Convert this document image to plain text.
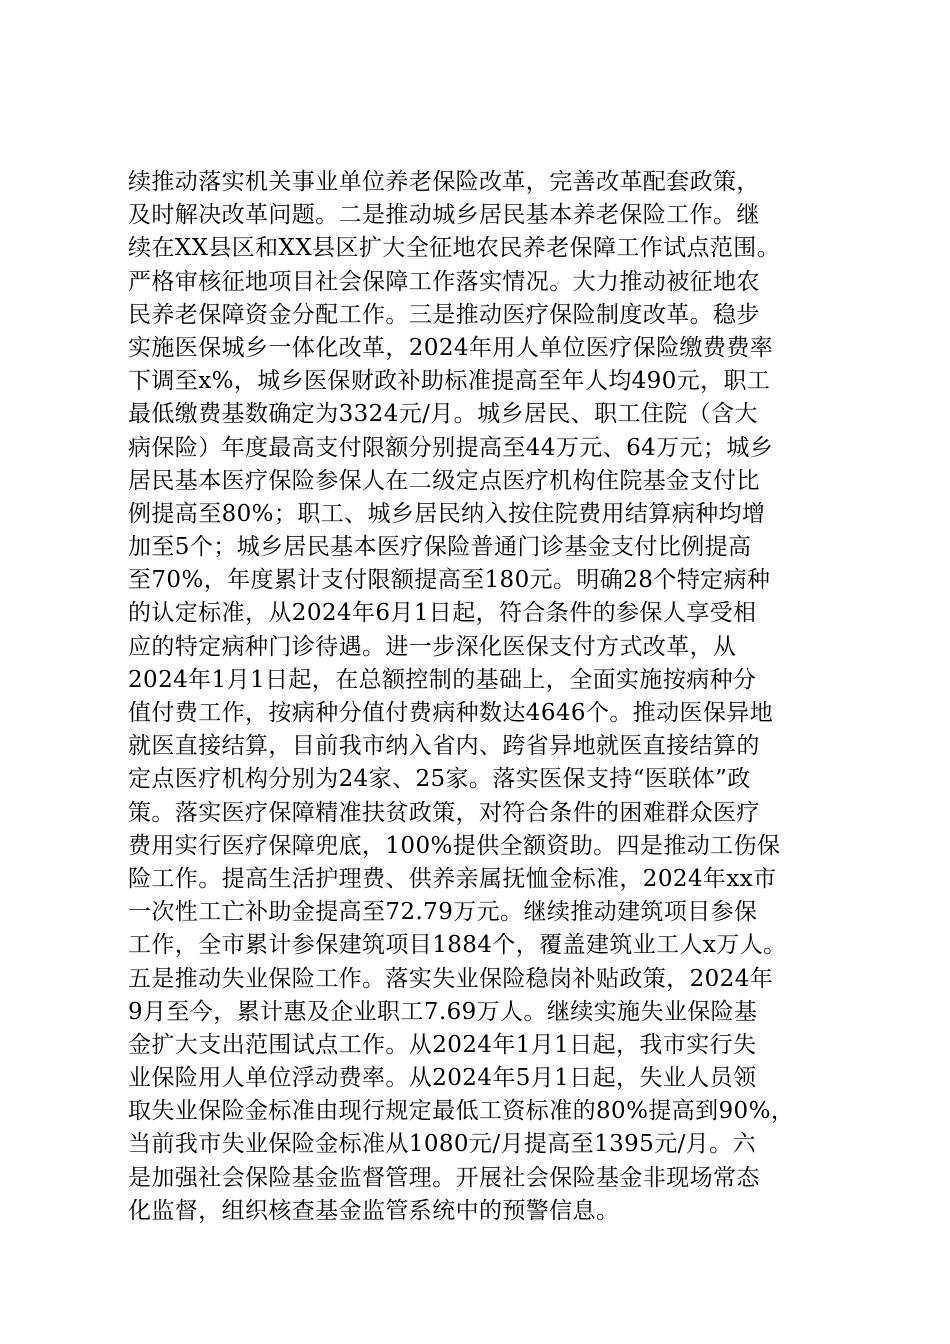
续推动落实机关事业单位养老保险改革，完善改革配套政策，
及时解决改革问题。二是推动城乡居民基本养老保险工作。继
续在XX县区和XX县区扩大全征地农民养老保障工作试点范围。
严格审核征地项目社会保障工作落实情况。大力推动被征地农
民养老保障资金分配工作。三是推动医疗保险制度改革。稳步
实施医保城乡一体化改革，2024年用人单位医疗保险缴费费率
下调至x%，城乡医保财政补助标准提高至年人均490元，职工
最低缴费基数确定为3324元/月。城乡居民、职工住院（含大
病保险）年度最高支付限额分别提高至44万元、64万元；城乡
居民基本医疗保险参保人在二级定点医疗机构住院基金支付比
例提高至80%；职工、城乡居民纳入按住院费用结算病种均增
加至5个；城乡居民基本医疗保险普通门诊基金支付比例提高
至70%，年度累计支付限额提高至180元。明确28个特定病种
的认定标准，从2024年6月1日起，符合条件的参保人享受相
应的特定病种门诊待遇。进一步深化医保支付方式改革，从
2024年1月1日起，在总额控制的基础上，全面实施按病种分
值付费工作，按病种分值付费病种数达4646个。推动医保异地
就医直接结算，目前我市纳入省内、跨省异地就医直接结算的
定点医疗机构分别为24家、25家。落实医保支持“医联体”政
策。落实医疗保障精准扶贫政策，对符合条件的困难群众医疗
费用实行医疗保障兜底，100%提供全额资助。四是推动工伤保
险工作。提高生活护理费、供养亲属抚恤金标准，2024年xx市
一次性工亡补助金提高至72.79万元。继续推动建筑项目参保
工作，全市累计参保建筑项目1884个，覆盖建筑业工人x万人。
五是推动失业保险工作。落实失业保险稳岗补贴政策，2024年
9月至今，累计惠及企业职工7.69万人。继续实施失业保险基
金扩大支出范围试点工作。从2024年1月1日起，我市实行失
业保险用人单位浮动费率。从2024年5月1日起，失业人员领
取失业保险金标准由现行规定最低工资标准的80%提高到90%，
当前我市失业保险金标准从1080元/月提高至1395元/月。六
是加强社会保险基金监督管理。开展社会保险基金非现场常态
化监督，组织核查基金监管系统中的预警信息。
